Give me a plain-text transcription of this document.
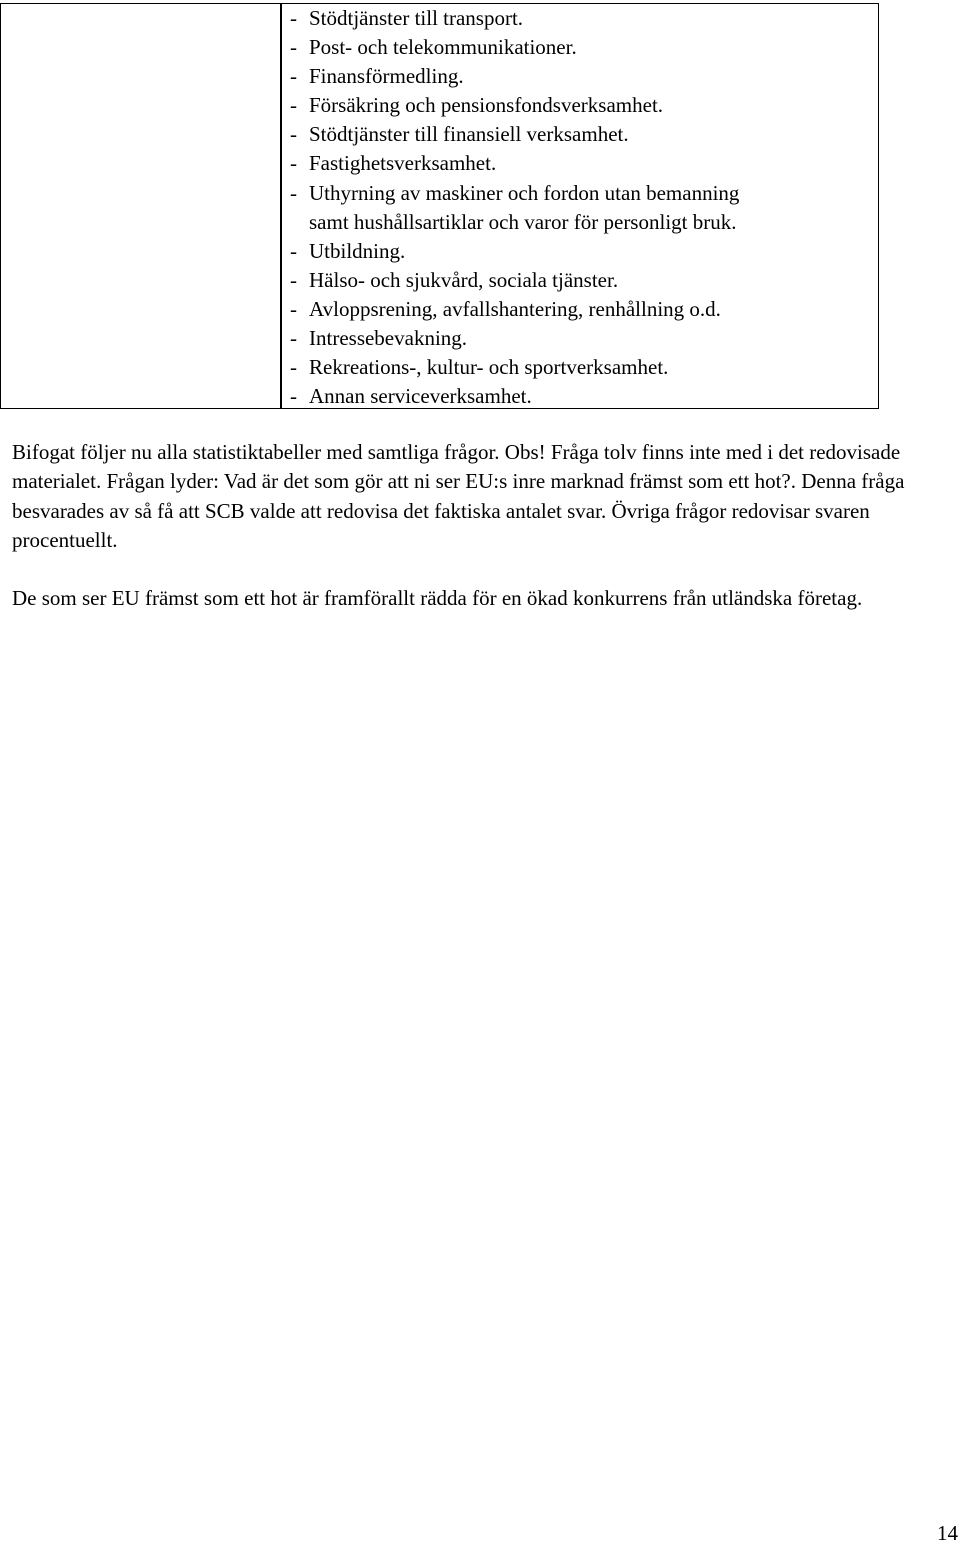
- Stödtjänster till transport.
- Post- och telekommunikationer.
- Finansförmedling.
- Försäkring och pensionsfondsverksamhet.
- Stödtjänster till finansiell verksamhet.
- Fastighetsverksamhet.
- Uthyrning av maskiner och fordon utan bemanning
samt hushållsartiklar och varor för personligt bruk.
- Utbildning.
- Hälso- och sjukvård, sociala tjänster.
- Avloppsrening, avfallshantering, renhållning o.d.
- Intressebevakning.
- Rekreations-, kultur- och sportverksamhet.
- Annan serviceverksamhet.

Bifogat följer nu alla statistiktabeller med samtliga frågor. Obs! Fråga tolv finns inte med i det redovisade materialet. Frågan lyder: Vad är det som gör att ni ser EU:s inre marknad främst som ett hot?. Denna fråga besvarades av så få att SCB valde att redovisa det faktiska antalet svar. Övriga frågor redovisar svaren procentuellt.

De som ser EU främst som ett hot är framförallt rädda för en ökad konkurrens från utländska företag.

14
